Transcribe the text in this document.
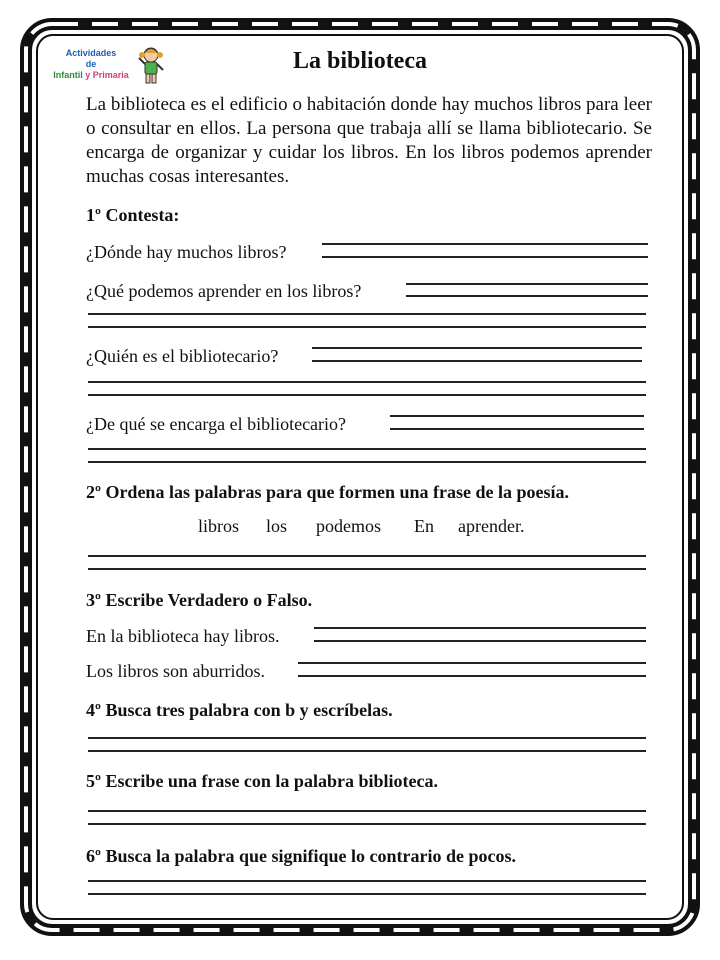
Actividades
de
Infantil y Primaria
La biblioteca
La biblioteca es el edificio o habitación donde hay muchos libros para leer o consultar en ellos. La persona que trabaja allí se llama bibliotecario. Se encarga de organizar y cuidar los libros. En los libros podemos aprender muchas cosas interesantes.
1º Contesta:
¿Dónde hay muchos libros?
¿Qué podemos aprender en los libros?
¿Quién es el bibliotecario?
¿De qué se encarga el bibliotecario?
2º Ordena las palabras para que formen una frase de la poesía.
libros los podemos En aprender.
3º Escribe Verdadero o Falso.
En la biblioteca hay libros.
Los libros son aburridos.
4º Busca tres palabra con b y escríbelas.
5º Escribe una frase con la palabra biblioteca.
6º Busca la palabra que signifique lo contrario de pocos.
